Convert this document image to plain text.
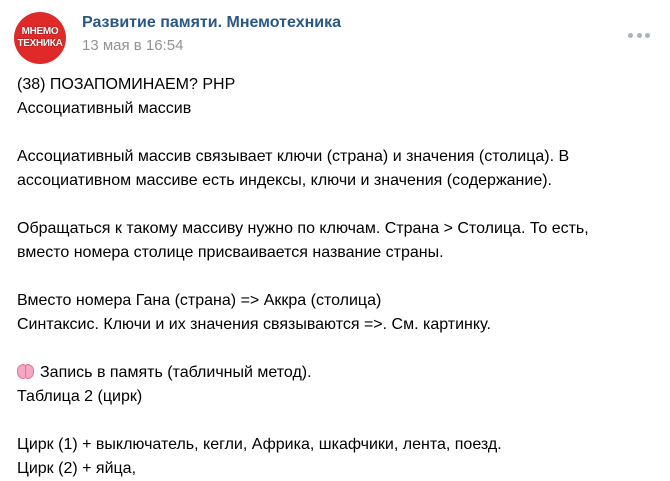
МНЕМО
ТЕХНИКА
Развитие памяти. Мнемотехника
13 мая в 16:54
(38) ПОЗАПОМИНАЕМ? PHP
Ассоциативный массив
Ассоциативный массив связывает ключи (страна) и значения (столица). В
ассоциативном массиве есть индексы, ключи и значения (содержание).
Обращаться к такому массиву нужно по ключам. Страна > Столица. То есть,
вместо номера столице присваивается название страны.
Вместо номера Гана (страна) => Аккра (столица)
Синтаксис. Ключи и их значения связываются =>. См. картинку.
Запись в память (табличный метод).
Таблица 2 (цирк)
Цирк (1) + выключатель, кегли, Африка, шкафчики, лента, поезд.
Цирк (2) + яйца,
